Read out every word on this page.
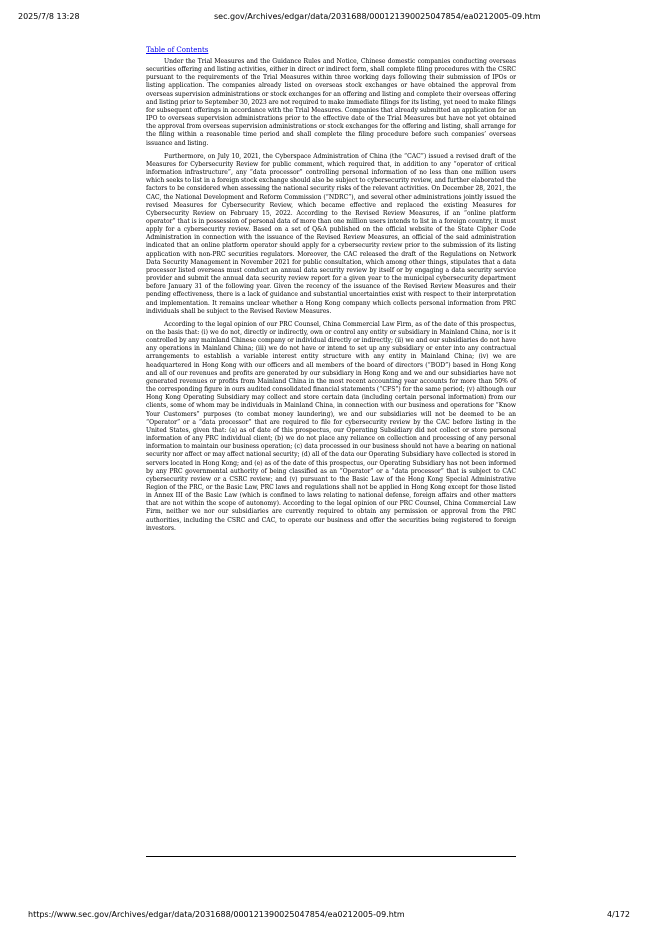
2025/7/8 13:28	sec.gov/Archives/edgar/data/2031688/000121390025047854/ea0212005-09.htm
Table of Contents

Under the Trial Measures and the Guidance Rules and Notice, Chinese domestic companies conducting overseas securities offering and listing activities, either in direct or indirect form, shall complete filing procedures with the CSRC pursuant to the requirements of the Trial Measures within three working days following their submission of IPOs or listing application. The companies already listed on overseas stock exchanges or have obtained the approval from overseas supervision administrations or stock exchanges for an offering and listing and complete their overseas offering and listing prior to September 30, 2023 are not required to make immediate filings for its listing, yet need to make filings for subsequent offerings in accordance with the Trial Measures. Companies that already submitted an application for an IPO to overseas supervision administrations prior to the effective date of the Trial Measures but have not yet obtained the approval from overseas supervision administrations or stock exchanges for the offering and listing, shall arrange for the filing within a reasonable time period and shall complete the filing procedure before such companies’ overseas issuance and listing.

Furthermore, on July 10, 2021, the Cyberspace Administration of China (the “CAC”) issued a revised draft of the Measures for Cybersecurity Review for public comment, which required that, in addition to any “operator of critical information infrastructure”, any “data processor” controlling personal information of no less than one million users which seeks to list in a foreign stock exchange should also be subject to cybersecurity review, and further elaborated the factors to be considered when assessing the national security risks of the relevant activities. On December 28, 2021, the CAC, the National Development and Reform Commission (“NDRC”), and several other administrations jointly issued the revised Measures for Cybersecurity Review, which became effective and replaced the existing Measures for Cybersecurity Review on February 15, 2022. According to the Revised Review Measures, if an “online platform operator” that is in possession of personal data of more than one million users intends to list in a foreign country, it must apply for a cybersecurity review. Based on a set of Q&A published on the official website of the State Cipher Code Administration in connection with the issuance of the Revised Review Measures, an official of the said administration indicated that an online platform operator should apply for a cybersecurity review prior to the submission of its listing application with non-PRC securities regulators. Moreover, the CAC released the draft of the Regulations on Network Data Security Management in November 2021 for public consultation, which among other things, stipulates that a data processor listed overseas must conduct an annual data security review by itself or by engaging a data security service provider and submit the annual data security review report for a given year to the municipal cybersecurity department before January 31 of the following year. Given the recency of the issuance of the Revised Review Measures and their pending effectiveness, there is a lack of guidance and substantial uncertainties exist with respect to their interpretation and implementation. It remains unclear whether a Hong Kong company which collects personal information from PRC individuals shall be subject to the Revised Review Measures.

According to the legal opinion of our PRC Counsel, China Commercial Law Firm, as of the date of this prospectus, on the basis that: (i) we do not, directly or indirectly, own or control any entity or subsidiary in Mainland China, nor is it controlled by any mainland Chinese company or individual directly or indirectly; (ii) we and our subsidiaries do not have any operations in Mainland China; (iii) we do not have or intend to set up any subsidiary or enter into any contractual arrangements to establish a variable interest entity structure with any entity in Mainland China; (iv) we are headquartered in Hong Kong with our officers and all members of the board of directors (“BOD”) based in Hong Kong and all of our revenues and profits are generated by our subsidiary in Hong Kong and we and our subsidiaries have not generated revenues or profits from Mainland China in the most recent accounting year accounts for more than 50% of the corresponding figure in ours audited consolidated financial statements (“CFS”) for the same period; (v) although our Hong Kong Operating Subsidiary may collect and store certain data (including certain personal information) from our clients, some of whom may be individuals in Mainland China, in connection with our business and operations for “Know Your Customers” purposes (to combat money laundering), we and our subsidiaries will not be deemed to be an “Operator” or a “data processor” that are required to file for cybersecurity review by the CAC before listing in the United States, given that: (a) as of date of this prospectus, our Operating Subsidiary did not collect or store personal information of any PRC individual client; (b) we do not place any reliance on collection and processing of any personal information to maintain our business operation; (c) data processed in our business should not have a bearing on national security nor affect or may affect national security; (d) all of the data our Operating Subsidiary have collected is stored in servers located in Hong Kong; and (e) as of the date of this prospectus, our Operating Subsidiary has not been informed by any PRC governmental authority of being classified as an “Operator” or a “data processor” that is subject to CAC cybersecurity review or a CSRC review; and (v) pursuant to the Basic Law of the Hong Kong Special Administrative Region of the PRC, or the Basic Law, PRC laws and regulations shall not be applied in Hong Kong except for those listed in Annex III of the Basic Law (which is confined to laws relating to national defense, foreign affairs and other matters that are not within the scope of autonomy). According to the legal opinion of our PRC Counsel, China Commercial Law Firm, neither we nor our subsidiaries are currently required to obtain any permission or approval from the PRC authorities, including the CSRC and CAC, to operate our business and offer the securities being registered to foreign investors.

https://www.sec.gov/Archives/edgar/data/2031688/000121390025047854/ea0212005-09.htm	4/172
